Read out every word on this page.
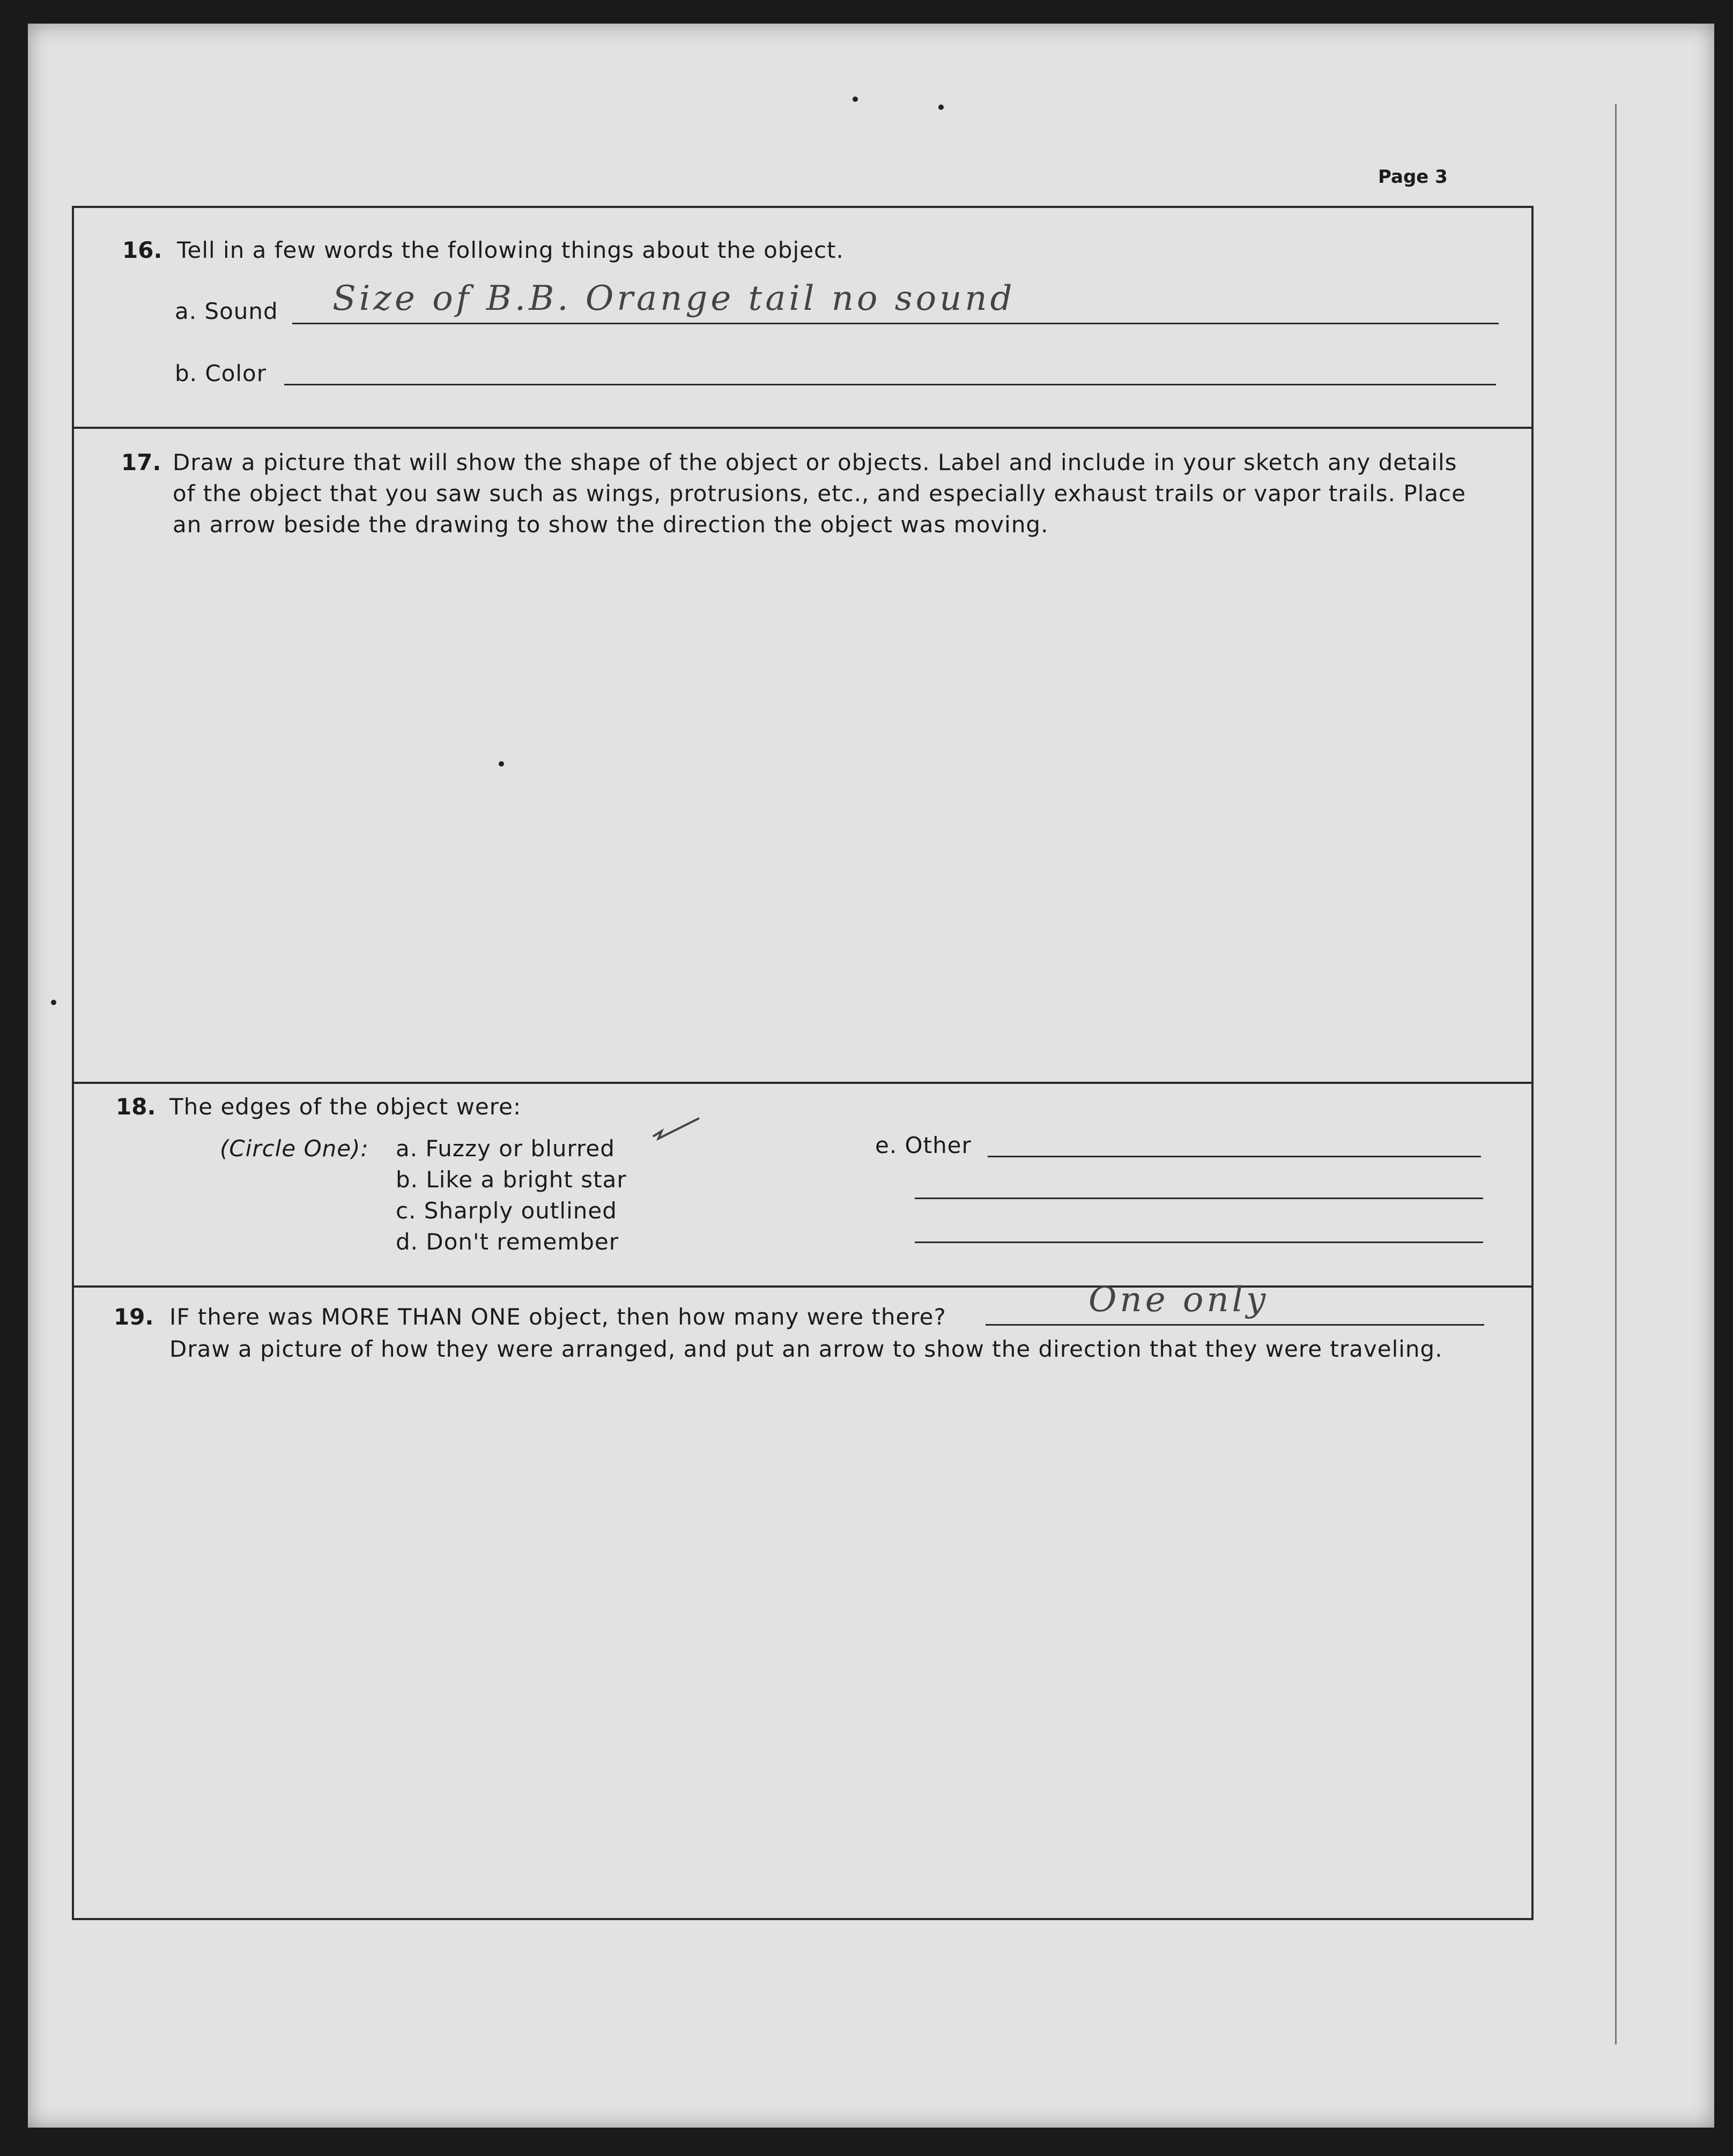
Page 3
16. Tell in a few words the following things about the object.
a. Sound Size of B.B. Orange tail no sound
b. Color
17. Draw a picture that will show the shape of the object or objects. Label and include in your sketch any details
of the object that you saw such as wings, protrusions, etc., and especially exhaust trails or vapor trails. Place
an arrow beside the drawing to show the direction the object was moving.
18. The edges of the object were:
(Circle One): a. Fuzzy or blurred
b. Like a bright star
c. Sharply outlined
d. Don't remember
e. Other
19. IF there was MORE THAN ONE object, then how many were there?	One only
Draw a picture of how they were arranged, and put an arrow to show the direction that they were traveling.
